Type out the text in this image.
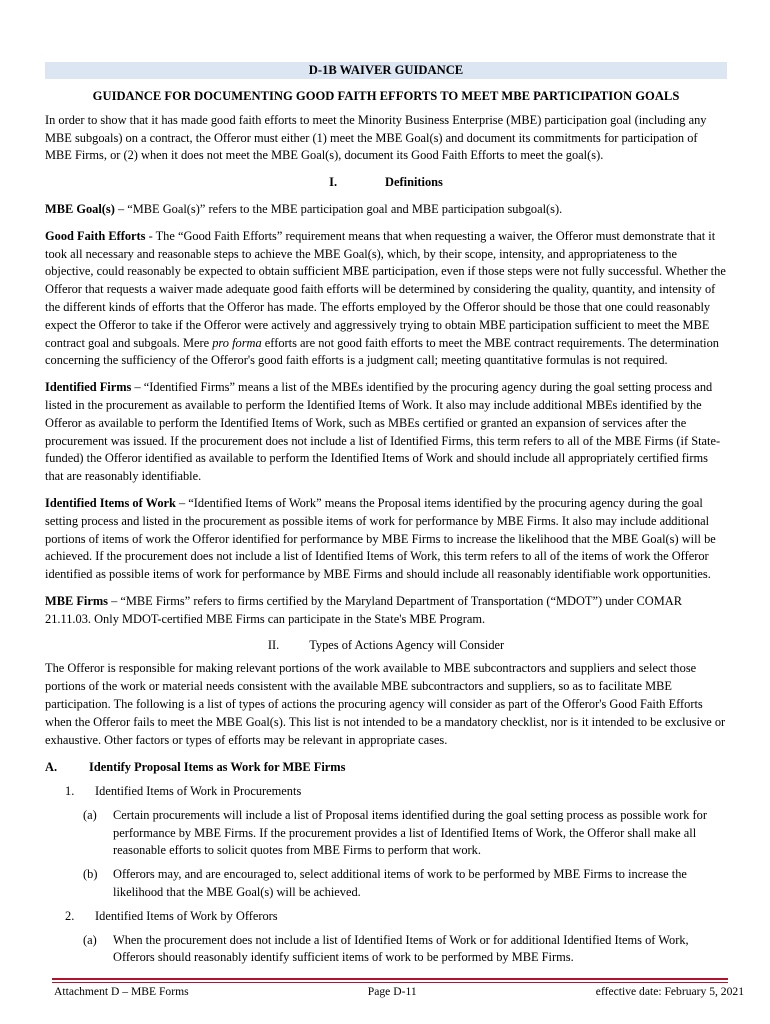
D-1B WAIVER GUIDANCE
GUIDANCE FOR DOCUMENTING GOOD FAITH EFFORTS TO MEET MBE PARTICIPATION GOALS

In order to show that it has made good faith efforts to meet the Minority Business Enterprise (MBE) participation goal (including any MBE subgoals) on a contract, the Offeror must either (1) meet the MBE Goal(s) and document its commitments for participation of MBE Firms, or (2) when it does not meet the MBE Goal(s), document its Good Faith Efforts to meet the goal(s).

I.	Definitions

MBE Goal(s) – “MBE Goal(s)” refers to the MBE participation goal and MBE participation subgoal(s).

Good Faith Efforts - The “Good Faith Efforts” requirement means that when requesting a waiver, the Offeror must demonstrate that it took all necessary and reasonable steps to achieve the MBE Goal(s), which, by their scope, intensity, and appropriateness to the objective, could reasonably be expected to obtain sufficient MBE participation, even if those steps were not fully successful. Whether the Offeror that requests a waiver made adequate good faith efforts will be determined by considering the quality, quantity, and intensity of the different kinds of efforts that the Offeror has made. The efforts employed by the Offeror should be those that one could reasonably expect the Offeror to take if the Offeror were actively and aggressively trying to obtain MBE participation sufficient to meet the MBE contract goal and subgoals. Mere pro forma efforts are not good faith efforts to meet the MBE contract requirements. The determination concerning the sufficiency of the Offeror's good faith efforts is a judgment call; meeting quantitative formulas is not required.

Identified Firms – “Identified Firms” means a list of the MBEs identified by the procuring agency during the goal setting process and listed in the procurement as available to perform the Identified Items of Work. It also may include additional MBEs identified by the Offeror as available to perform the Identified Items of Work, such as MBEs certified or granted an expansion of services after the procurement was issued. If the procurement does not include a list of Identified Firms, this term refers to all of the MBE Firms (if State-funded) the Offeror identified as available to perform the Identified Items of Work and should include all appropriately certified firms that are reasonably identifiable.

Identified Items of Work – “Identified Items of Work” means the Proposal items identified by the procuring agency during the goal setting process and listed in the procurement as possible items of work for performance by MBE Firms. It also may include additional portions of items of work the Offeror identified for performance by MBE Firms to increase the likelihood that the MBE Goal(s) will be achieved. If the procurement does not include a list of Identified Items of Work, this term refers to all of the items of work the Offeror identified as possible items of work for performance by MBE Firms and should include all reasonably identifiable work opportunities.

MBE Firms – “MBE Firms” refers to firms certified by the Maryland Department of Transportation (“MDOT”) under COMAR 21.11.03. Only MDOT-certified MBE Firms can participate in the State's MBE Program.

II. Types of Actions Agency will Consider

The Offeror is responsible for making relevant portions of the work available to MBE subcontractors and suppliers and select those portions of the work or material needs consistent with the available MBE subcontractors and suppliers, so as to facilitate MBE participation. The following is a list of types of actions the procuring agency will consider as part of the Offeror's Good Faith Efforts when the Offeror fails to meet the MBE Goal(s). This list is not intended to be a mandatory checklist, nor is it intended to be exclusive or exhaustive. Other factors or types of efforts may be relevant in appropriate cases.

A.	Identify Proposal Items as Work for MBE Firms
1.	Identified Items of Work in Procurements
(a)	Certain procurements will include a list of Proposal items identified during the goal setting process as possible work for performance by MBE Firms. If the procurement provides a list of Identified Items of Work, the Offeror shall make all reasonable efforts to solicit quotes from MBE Firms to perform that work.
(b)	Offerors may, and are encouraged to, select additional items of work to be performed by MBE Firms to increase the likelihood that the MBE Goal(s) will be achieved.
2.	Identified Items of Work by Offerors
(a)	When the procurement does not include a list of Identified Items of Work or for additional Identified Items of Work, Offerors should reasonably identify sufficient items of work to be performed by MBE Firms.
Attachment D – MBE Forms	Page D-11	effective date: February 5, 2021
